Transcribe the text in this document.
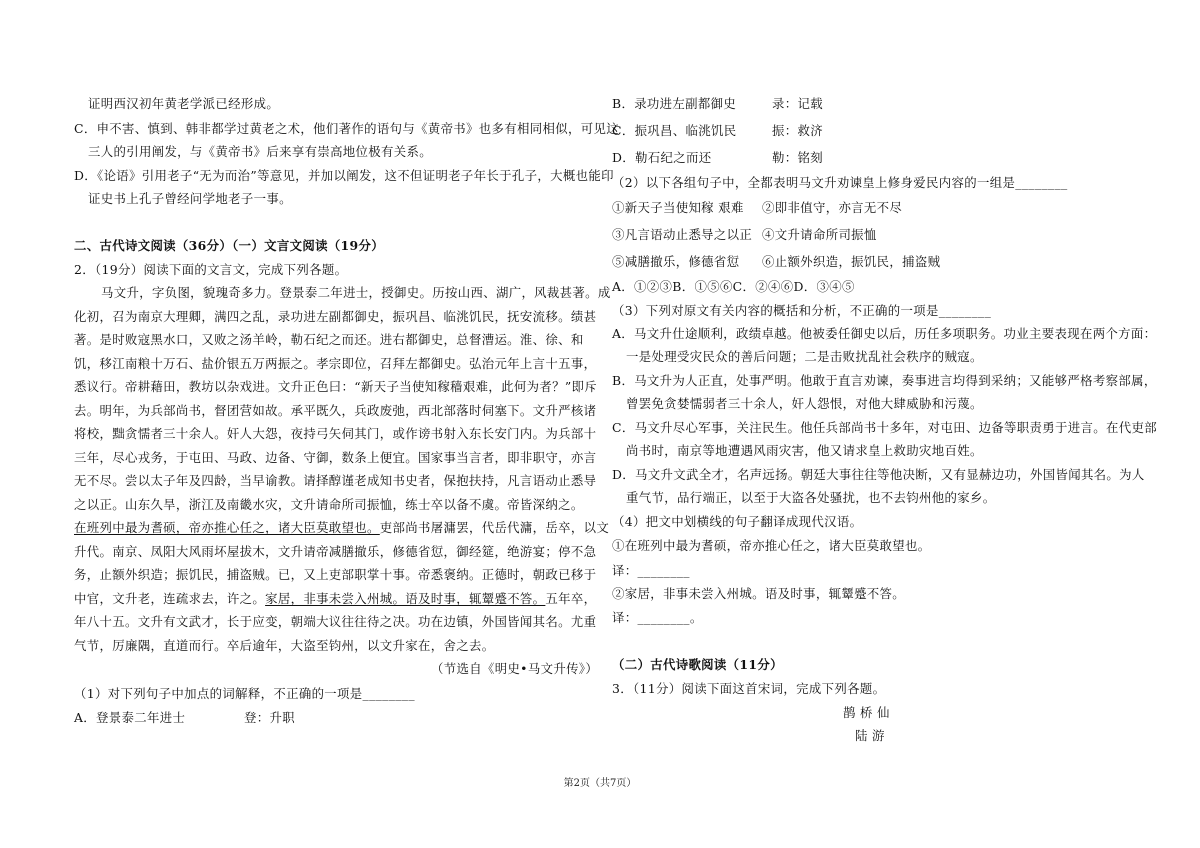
证明西汉初年黄老学派已经形成。
C．申不害、慎到、韩非都学过黄老之术，他们著作的语句与《黄帝书》也多有相同相似，可见这
三人的引用阐发，与《黄帝书》后来享有崇高地位极有关系。
D．《论语》引用老子“无为而治”等意见，并加以阐发，这不但证明老子年长于孔子，大概也能印
证史书上孔子曾经问学地老子一事。
二、古代诗文阅读（36分）（一）文言文阅读（19分）
2．（19分）阅读下面的文言文，完成下列各题。
马文升，字负图，貌瑰奇多力。登景泰二年进士，授御史。历按山西、湖广，风裁甚著。成
化初，召为南京大理卿，满四之乱，录功进左副都御史，振巩昌、临洮饥民，抚安流移。绩甚
著。是时败寇黑水口，又败之汤羊岭，勒石纪之而还。进右都御史，总督漕运。淮、徐、和
饥，移江南粮十万石、盐价银五万两振之。孝宗即位，召拜左都御史。弘治元年上言十五事，
悉议行。帝耕藉田，教坊以杂戏进。文升正色曰：“新天子当使知稼穑艰难，此何为者？”即斥
去。明年，为兵部尚书，督团营如故。承平既久，兵政废弛，西北部落时伺塞下。文升严核诸
将校，黜贪懦者三十余人。奸人大怨，夜持弓矢伺其门，或作谤书射入东长安门内。为兵部十
三年，尽心戎务，于屯田、马政、边备、守御，数条上便宜。国家事当言者，即非职守，亦言
无不尽。尝以太子年及四龄，当早谕教。请择醇谨老成知书史者，保抱扶持，凡言语动止悉导
之以正。山东久旱，浙江及南畿水灾，文升请命所司振恤，练士卒以备不虞。帝皆深纳之。
在班列中最为耆硕，帝亦推心任之，诸大臣莫敢望也。吏部尚书屠滽罢，代岳代滽，岳卒，以文
升代。南京、凤阳大风雨坏屋拔木，文升请帝减膳撤乐，修德省愆，御经筵，绝游宴；停不急
务，止额外织造；振饥民，捕盗贼。已，又上吏部职掌十事。帝悉褒纳。正德时，朝政已移于
中官，文升老，连疏求去，许之。家居，非事未尝入州城。语及时事，辄颦蹙不答。五年卒，
年八十五。文升有文武才，长于应变，朝端大议往往待之决。功在边镇，外国皆闻其名。尤重
气节，厉廉隅，直道而行。卒后逾年，大盗至钧州，以文升家在，舍之去。
（节选自《明史•马文升传》）
（1）对下列句子中加点的词解释，不正确的一项是________
A．登景泰二年进士	登：升职
B．录功进左副都御史	录：记载
C．振巩昌、临洮饥民	振：救济
D．勒石纪之而还	勒：铭刻
（2）以下各组句子中，全都表明马文升劝谏皇上修身爱民内容的一组是________
①新天子当使知稼 艰难 ②即非值守，亦言无不尽
③凡言语动止悉导之以正 ④文升请命所司振恤
⑤减膳撤乐，修德省愆 ⑥止额外织造，振饥民，捕盗贼
A．①②③B．①⑤⑥C．②④⑥D．③④⑤
（3）下列对原文有关内容的概括和分析，不正确的一项是________
A．马文升仕途顺利，政绩卓越。他被委任御史以后，历任多项职务。功业主要表现在两个方面：
一是处理受灾民众的善后问题；二是击败扰乱社会秩序的贼寇。
B．马文升为人正直，处事严明。他敢于直言劝谏，奏事进言均得到采纳；又能够严格考察部属，
曾罢免贪婪懦弱者三十余人，奸人怨恨，对他大肆威胁和污蔑。
C．马文升尽心军事，关注民生。他任兵部尚书十多年，对屯田、边备等职责勇于进言。在代吏部
尚书时，南京等地遭遇风雨灾害，他又请求皇上救助灾地百姓。
D．马文升文武全才，名声远扬。朝廷大事往往等他决断，又有显赫边功，外国皆闻其名。为人
重气节，品行端正，以至于大盗各处骚扰，也不去钧州他的家乡。
（4）把文中划横线的句子翻译成现代汉语。
①在班列中最为耆硕，帝亦推心任之，诸大臣莫敢望也。
译：________
②家居，非事未尝入州城。语及时事，辄颦蹙不答。
译：________。
（二）古代诗歌阅读（11分）
3．（11分）阅读下面这首宋词，完成下列各题。
鹊 桥 仙
陆 游
第2页（共7页）
